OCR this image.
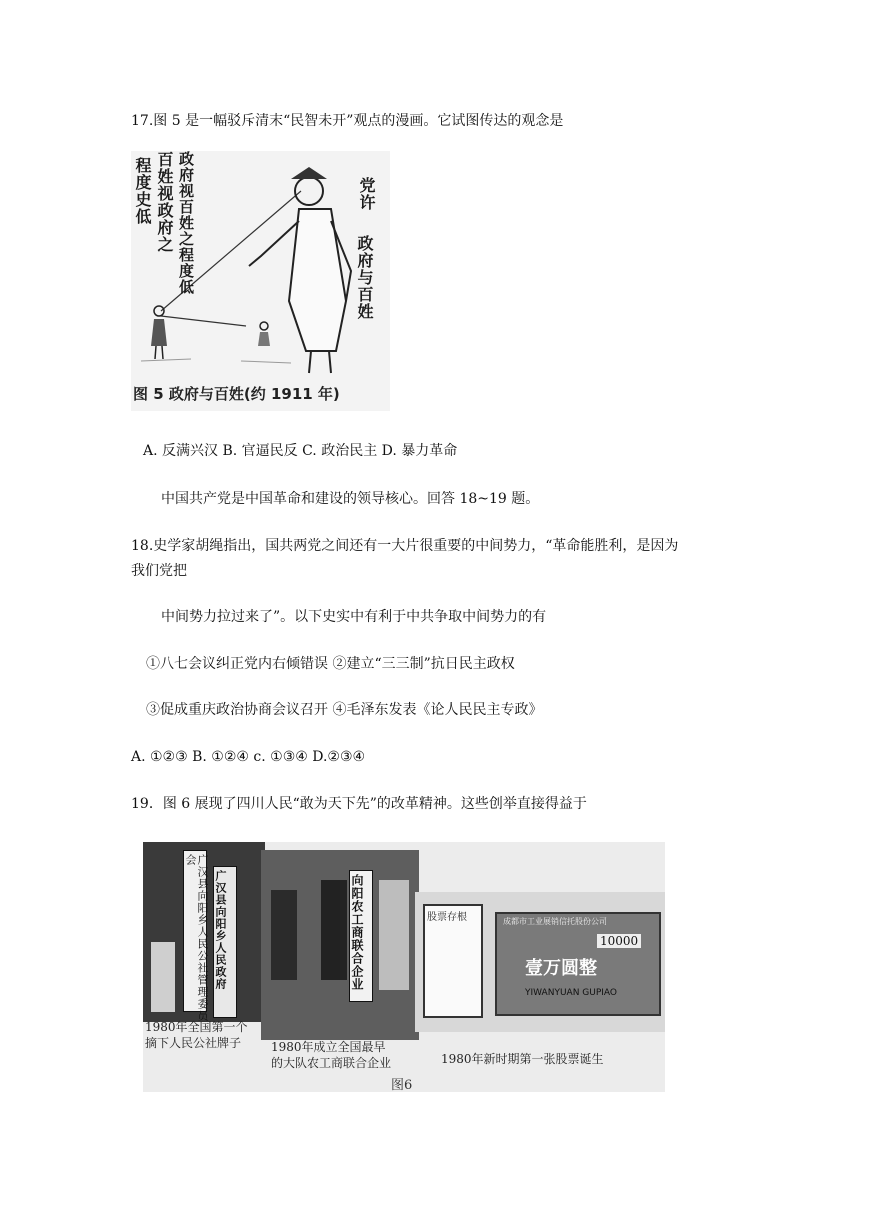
17.图 5 是一幅驳斥清末“民智未开”观点的漫画。它试图传达的观念是
程度史低 百姓视政府之 政府视百姓之程度低	党许
政府与百姓
图 5 政府与百姓(约 1911 年)
A. 反满兴汉 B. 官逼民反 C. 政治民主 D. 暴力革命
中国共产党是中国革命和建设的领导核心。回答 18~19 题。
18.史学家胡绳指出，国共两党之间还有一大片很重要的中间势力，“革命能胜利，是因为
我们党把
中间势力拉过来了”。以下史实中有利于中共争取中间势力的有
①八七会议纠正党内右倾错误 ②建立“三三制”抗日民主政权
③促成重庆政治协商会议召开 ④毛泽东发表《论人民民主专政》
A. ①②③ B. ①②④ c. ①③④ D.②③④
19．图 6 展现了四川人民“敢为天下先”的改革精神。这些创举直接得益于
广汉县向阳乡人民公社管理委员会
广汉县向阳乡人民政府	向阳农工商联合企业	股票存根	成都市工业展销信托股份公司
10000
壹万圆整
YIWANYUAN GUPIAO
1980年全国第一个
摘下人民公社牌子 1980年成立全国最早
的大队农工商联合企业	1980年新时期第一张股票诞生
图6
